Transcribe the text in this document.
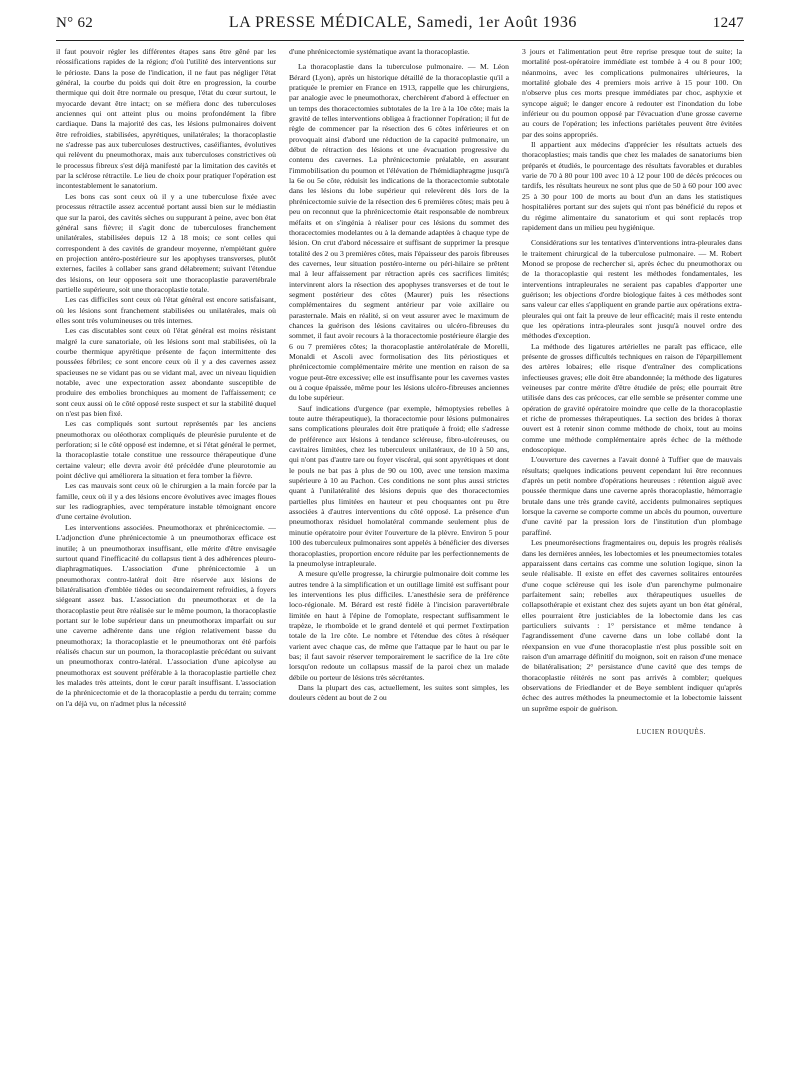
N° 62	LA PRESSE MÉDICALE, Samedi, 1er Août 1936	1247

il faut pouvoir régler les différentes étapes sans être gêné par les réossifications rapides de la région; d'où l'utilité des interventions sur le périoste. Dans la pose de l'indication, il ne faut pas négliger l'état général, la courbe du poids qui doit être en progression, la courbe thermique qui doit être normale ou presque, l'état du cœur surtout, le myocarde devant être intact; on se méfiera donc des tuberculoses anciennes qui ont atteint plus ou moins profondément la fibre cardiaque. Dans la majorité des cas, les lésions pulmonaires doivent être refroidies, stabilisées, apyrétiques, unilatérales; la thoracoplastie ne s'adresse pas aux tuberculoses destructives, caséifiantes, évolutives qui relèvent du pneumothorax, mais aux tuberculoses constrictives où le processus fibreux s'est déjà manifesté par la limitation des cavités et par la sclérose rétractile. Le lieu de choix pour pratiquer l'opération est incontestablement le sanatorium.

Les bons cas sont ceux où il y a une tuberculose fixée avec processus rétractile assez accentué portant aussi bien sur le médiastin que sur la paroi, des cavités sèches ou suppurant à peine, avec bon état général sans fièvre; il s'agit donc de tuberculoses franchement unilatérales, stabilisées depuis 12 à 18 mois; ce sont celles qui correspondent à des cavités de grandeur moyenne, n'empiétant guère en projection antéro-postérieure sur les apophyses transverses, plutôt externes, faciles à collaber sans grand délabrement; suivant l'étendue des lésions, on leur opposera soit une thoracoplastie paravertébrale partielle supérieure, soit une thoracoplastie totale.

Les cas difficiles sont ceux où l'état général est encore satisfaisant, où les lésions sont franchement stabilisées ou unilatérales, mais où elles sont très volumineuses ou très internes.

Les cas discutables sont ceux où l'état général est moins résistant malgré la cure sanatoriale, où les lésions sont mal stabilisées, où la courbe thermique apyrétique présente de façon intermittente des poussées fébriles; ce sont encore ceux où il y a des cavernes assez spacieuses ne se vidant pas ou se vidant mal, avec un niveau liquidien notable, avec une expectoration assez abondante susceptible de produire des embolies bronchiques au moment de l'affaissement; ce sont ceux aussi où le côté opposé reste suspect et sur la stabilité duquel on n'est pas bien fixé.

Les cas compliqués sont surtout représentés par les anciens pneumothorax ou oléothorax compliqués de pleurésie purulente et de perforation; si le côté opposé est indemne, et si l'état général le permet, la thoracoplastie totale constitue une ressource thérapeutique d'une certaine valeur; elle devra avoir été précédée d'une pleurotomie au point déclive qui améliorera la situation et fera tomber la fièvre.

Les cas mauvais sont ceux où le chirurgien a la main forcée par la famille, ceux où il y a des lésions encore évolutives avec images floues sur les radiographies, avec température instable témoignant encore d'une certaine évolution.

Les interventions associées. Pneumothorax et phrénicectomie. — L'adjonction d'une phrénicectomie à un pneumothorax efficace est inutile; à un pneumothorax insuffisant, elle mérite d'être envisagée surtout quand l'inefficacité du collapsus tient à des adhérences pleuro-diaphragmatiques. L'association d'une phrénicectomie à un pneumothorax contro-latéral doit être réservée aux lésions de bilatéralisation d'emblée tièdes ou secondairement refroidies, à foyers siégeant assez bas. L'association du pneumothorax et de la thoracoplastie peut être réalisée sur le même poumon, la thoracoplastie portant sur le lobe supérieur dans un pneumothorax imparfait ou sur une caverne adhérente dans une région relativement basse du pneumothorax; la thoracoplastie et le pneumothorax ont été parfois réalisés chacun sur un poumon, la thoracoplastie précédant ou suivant un pneumothorax contro-latéral. L'association d'une apicolyse au pneumothorax est souvent préférable à la thoracoplastie partielle chez les malades très atteints, dont le cœur paraît insuffisant. L'association de la phrénicectomie et de la thoracoplastie a perdu du terrain; comme on l'a déjà vu, on n'admet plus la nécessité

d'une phrénicectomie systématique avant la thoracoplastie.

La thoracoplastie dans la tuberculose pulmonaire. — M. Léon Bérard (Lyon), après un historique détaillé de la thoracoplastie qu'il a pratiquée le premier en France en 1913, rappelle que les chirurgiens, par analogie avec le pneumothorax, cherchèrent d'abord à effectuer en un temps des thoracectomies subtotales de la 1re à la 10e côte; mais la gravité de telles interventions obligea à fractionner l'opération; il fut de règle de commencer par la résection des 6 côtes inférieures et on provoquait ainsi d'abord une réduction de la capacité pulmonaire, un début de rétraction des lésions et une évacuation progressive du contenu des cavernes. La phrénicectomie préalable, en assurant l'immobilisation du poumon et l'élévation de l'hémidiaphragme jusqu'à la 6e ou 5e côte, réduisit les indications de la thoracectomie subtotale dans les lésions du lobe supérieur qui relevèrent dès lors de la phrénicectomie suivie de la résection des 6 premières côtes; mais peu à peu on reconnut que la phrénicectomie était responsable de nombreux méfaits et on s'ingénia à réaliser pour ces lésions du sommet des thoracectomies modelantes ou à la demande adaptées à chaque type de lésion. On crut d'abord nécessaire et suffisant de supprimer la presque totalité des 2 ou 3 premières côtes, mais l'épaisseur des parois fibreuses des cavernes, leur situation postéro-interne ou péri-hilaire se prêtent mal à leur affaissement par rétraction après ces sacrifices limités; intervinrent alors la résection des apophyses transverses et de tout le segment postérieur des côtes (Maurer) puis les résections complémentaires du segment antérieur par voie axillaire ou parasternale. Mais en réalité, si on veut assurer avec le maximum de chances la guérison des lésions cavitaires ou ulcéro-fibreuses du sommet, il faut avoir recours à la thoracectomie postérieure élargie des 6 ou 7 premières côtes; la thoracoplastie antérolatérale de Morelli, Monaldi et Ascoli avec formolisation des lits périostiques et phrénicectomie complémentaire mérite une mention en raison de sa vogue peut-être excessive; elle est insuffisante pour les cavernes vastes ou à coque épaissée, même pour les lésions ulcéro-fibreuses anciennes du lobe supérieur.

Sauf indications d'urgence (par exemple, hémoptysies rebelles à toute autre thérapeutique), la thoracectomie pour lésions pulmonaires sans complications pleurales doit être pratiquée à froid; elle s'adresse de préférence aux lésions à tendance scléreuse, fibro-ulcéreuses, ou cavitaires limitées, chez les tuberculeux unilatéraux, de 10 à 50 ans, qui n'ont pas d'autre tare ou foyer viscéral, qui sont apyrétiques et dont le pouls ne bat pas à plus de 90 ou 100, avec une tension maxima supérieure à 10 au Pachon. Ces conditions ne sont plus aussi strictes quant à l'unilatéralité des lésions depuis que des thoracectomies partielles plus limitées en hauteur et peu choquantes ont pu être associées à d'autres interventions du côté opposé. La présence d'un pneumothorax résiduel homolatéral commande seulement plus de minutie opératoire pour éviter l'ouverture de la plèvre. Environ 5 pour 100 des tuberculeux pulmonaires sont appelés à bénéficier des diverses thoracoplasties, proportion encore réduite par les perfectionnements de la pneumolyse intrapleurale.

A mesure qu'elle progresse, la chirurgie pulmonaire doit comme les autres tendre à la simplification et un outillage limité est suffisant pour les interventions les plus difficiles. L'anesthésie sera de préférence loco-régionale. M. Bérard est resté fidèle à l'incision paravertébrale limitée en haut à l'épine de l'omoplate, respectant suffisamment le trapèze, le rhomboïde et le grand dentelé et qui permet l'extirpation totale de la 1re côte. Le nombre et l'étendue des côtes à réséquer varient avec chaque cas, de même que l'attaque par le haut ou par le bas; il faut savoir réserver temporairement le sacrifice de la 1re côte lorsqu'on redoute un collapsus massif de la paroi chez un malade débile ou porteur de lésions très sécrétantes.

Dans la plupart des cas, actuellement, les suites sont simples, les douleurs cèdent au bout de 2 ou

3 jours et l'alimentation peut être reprise presque tout de suite; la mortalité post-opératoire immédiate est tombée à 4 ou 8 pour 100; néanmoins, avec les complications pulmonaires ultérieures, la mortalité globale des 4 premiers mois arrive à 15 pour 100. On n'observe plus ces morts presque immédiates par choc, asphyxie et syncope aiguë; le danger encore à redouter est l'inondation du lobe inférieur ou du poumon opposé par l'évacuation d'une grosse caverne au cours de l'opération; les infections pariétales peuvent être évitées par des soins appropriés.

Il appartient aux médecins d'apprécier les résultats actuels des thoracoplasties; mais tandis que chez les malades de sanatoriums bien préparés et étudiés, le pourcentage des résultats favorables et durables varie de 70 à 80 pour 100 avec 10 à 12 pour 100 de décès précoces ou tardifs, les résultats heureux ne sont plus que de 50 à 60 pour 100 avec 25 à 30 pour 100 de morts au bout d'un an dans les statistiques hospitalières portant sur des sujets qui n'ont pas bénéficié du repos et du régime alimentaire du sanatorium et qui sont replacés trop rapidement dans un milieu peu hygiénique.

Considérations sur les tentatives d'interventions intra-pleurales dans le traitement chirurgical de la tuberculose pulmonaire. — M. Robert Monod se propose de rechercher si, après échec du pneumothorax ou de la thoracoplastie qui restent les méthodes fondamentales, les interventions intrapleurales ne seraient pas capables d'apporter une guérison; les objections d'ordre biologique faites à ces méthodes sont sans valeur car elles s'appliquent en grande partie aux opérations extra-pleurales qui ont fait la preuve de leur efficacité; mais il reste entendu que les opérations intra-pleurales sont jusqu'à nouvel ordre des méthodes d'exception.

La méthode des ligatures artérielles ne paraît pas efficace, elle présente de grosses difficultés techniques en raison de l'éparpillement des artères lobaires; elle risque d'entraîner des complications infectieuses graves; elle doit être abandonnée; la méthode des ligatures veineuses par contre mérite d'être étudiée de près; elle pourrait être utilisée dans des cas précoces, car elle semble se présenter comme une opération de gravité opératoire moindre que celle de la thoracoplastie et riche de promesses thérapeutiques. La section des brides à thorax ouvert est à retenir sinon comme méthode de choix, tout au moins comme une méthode complémentaire après échec de la méthode endoscopique.

L'ouverture des cavernes a l'avait donné à Tuffier que de mauvais résultats; quelques indications peuvent cependant lui être reconnues d'après un petit nombre d'opérations heureuses : rétention aiguë avec poussée thermique dans une caverne après thoracoplastie, hémorragie brutale dans une très grande cavité, accidents pulmonaires septiques lorsque la caverne se comporte comme un abcès du poumon, ouverture d'une cavité par la pression lors de l'institution d'un plombage paraffiné.

Les pneumorésections fragmentaires ou, depuis les progrès réalisés dans les dernières années, les lobectomies et les pneumectomies totales apparaissent dans certains cas comme une solution logique, sinon la seule réalisable. Il existe en effet des cavernes solitaires entourées d'une coque scléreuse qui les isole d'un parenchyme pulmonaire parfaitement sain; rebelles aux thérapeutiques usuelles de collapsothérapie et existant chez des sujets ayant un bon état général, elles pourraient être justiciables de la lobectomie dans les cas particuliers suivants : 1° persistance et même tendance à l'agrandissement d'une caverne dans un lobe collabé dont la réexpansion en vue d'une thoracoplastie n'est plus possible soit en raison d'un amarrage définitif du moignon, soit en raison d'une menace de bilatéralisation; 2° persistance d'une cavité que des temps de thoracoplastie réitérés ne sont pas arrivés à combler; quelques observations de Friedlander et de Beye semblent indiquer qu'après échec des autres méthodes la pneumectomie et la lobectomie laissent un suprême espoir de guérison.

LUCIEN ROUQUÈS.
